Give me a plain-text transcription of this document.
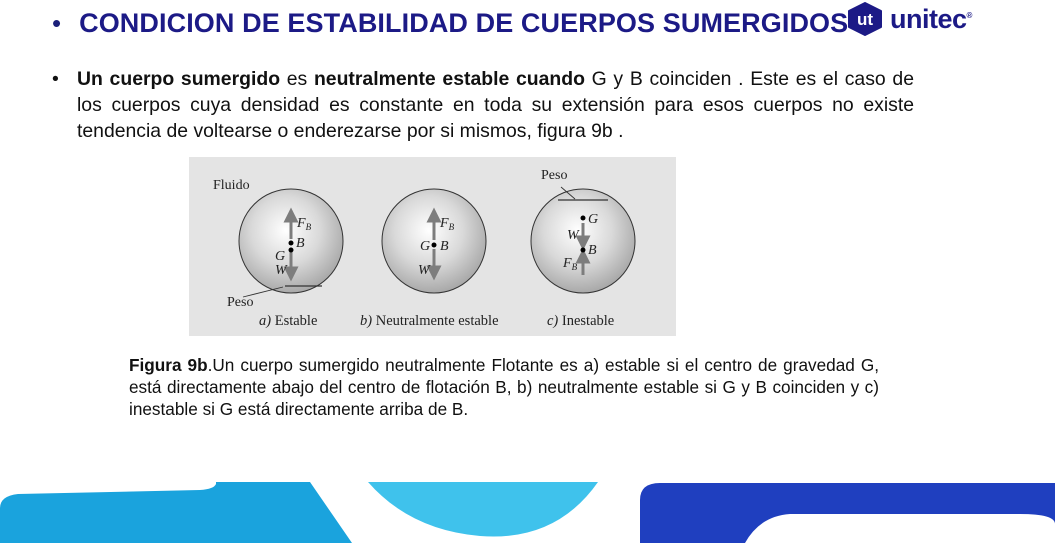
• CONDICION DE ESTABILIDAD DE CUERPOS SUMERGIDOS ut unitec®
• Un cuerpo sumergido es neutralmente estable cuando G y B coinciden . Este es el caso de los cuerpos cuya densidad es constante en toda su extensión para esos cuerpos no existe tendencia de voltearse o enderezarse por si mismos, figura 9b .
Fluido
$F_B$
B
G
W
Peso
$F_B$
G B
W
Peso
G
W
B
$F_B$
a) Estable	b) Neutralmente estable	c) Inestable
Figura 9b.Un cuerpo sumergido neutralmente Flotante es a) estable si el centro de gravedad G, está directamente abajo del centro de flotación B, b) neutralmente estable si G y B coinciden y c) inestable si G está directamente arriba de B.
